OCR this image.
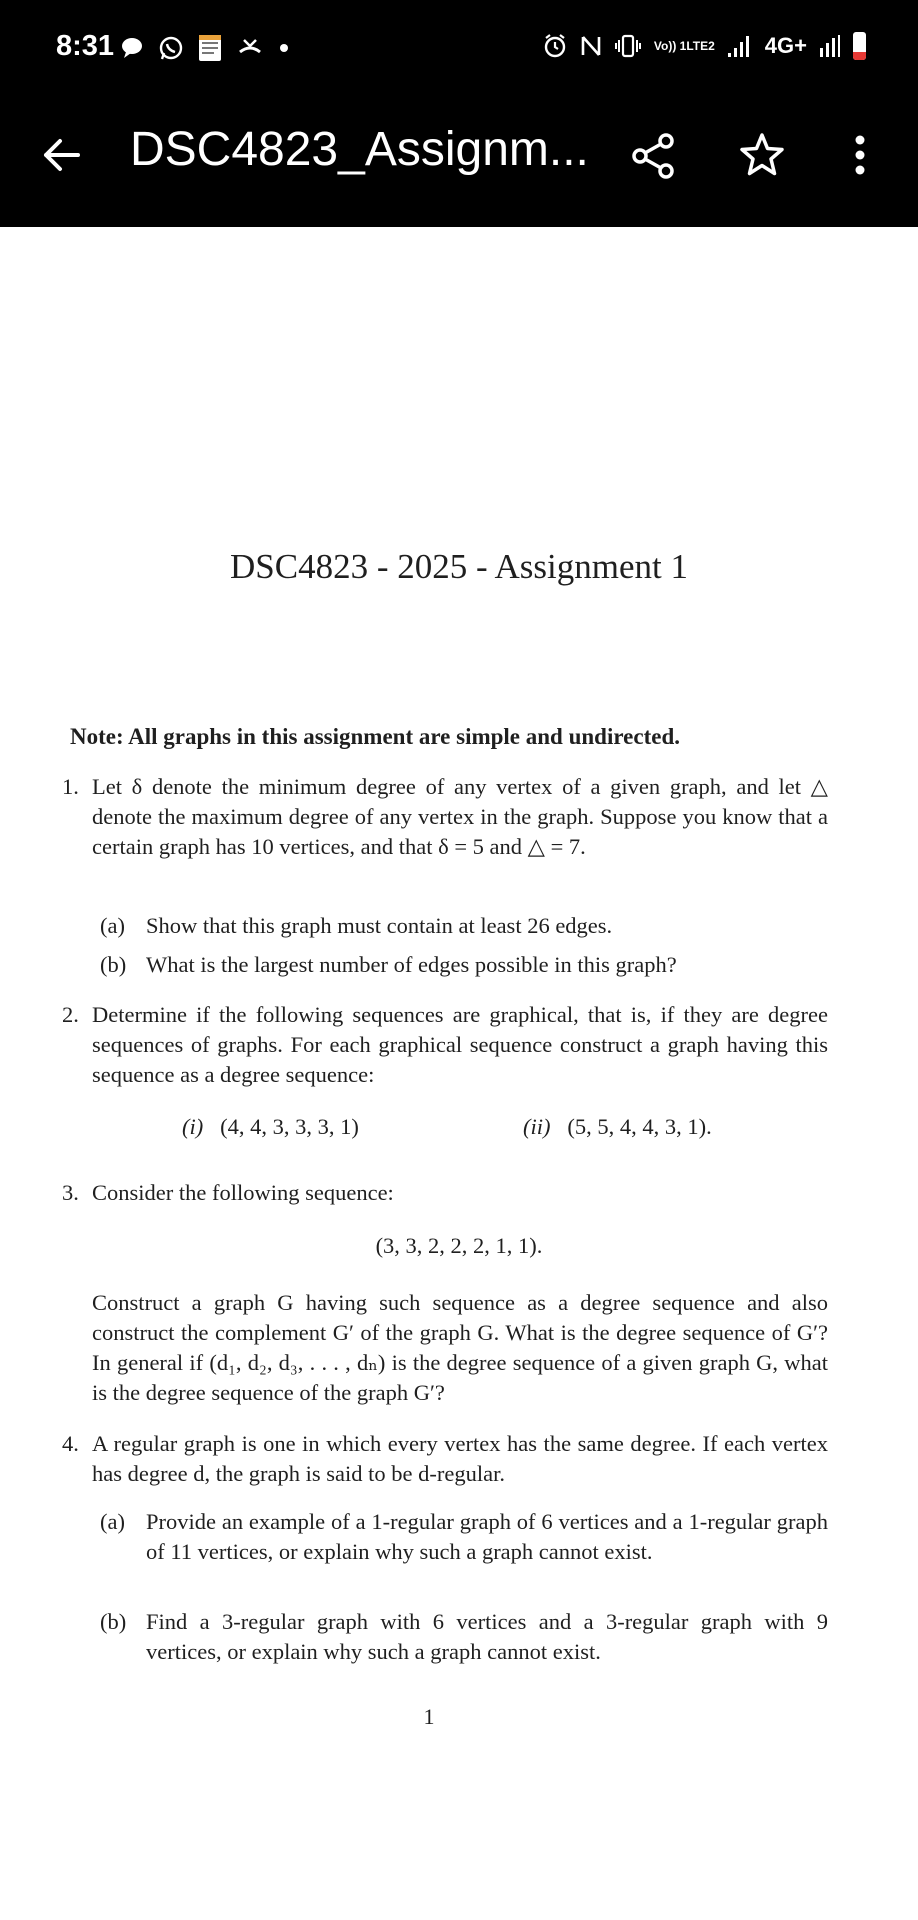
8:31	Vo)) 1 LTE2 4G+
DSC4823_Assignm...
DSC4823 - 2025 - Assignment 1
Note: All graphs in this assignment are simple and undirected.
1. Let δ denote the minimum degree of any vertex of a given graph, and let △ denote the maximum degree of any vertex in the graph. Suppose you know that a certain graph has 10 vertices, and that δ = 5 and △ = 7.
(a) Show that this graph must contain at least 26 edges.
(b) What is the largest number of edges possible in this graph?
2. Determine if the following sequences are graphical, that is, if they are degree sequences of graphs. For each graphical sequence construct a graph having this sequence as a degree sequence:
(i) (4, 4, 3, 3, 3, 1)	(ii) (5, 5, 4, 4, 3, 1).
3. Consider the following sequence:
(3, 3, 2, 2, 2, 1, 1).
Construct a graph G having such sequence as a degree sequence and also construct the complement G′ of the graph G. What is the degree sequence of G′? In general if (d₁, d₂, d₃, . . . , dₙ) is the degree sequence of a given graph G, what is the degree sequence of the graph G′?
4. A regular graph is one in which every vertex has the same degree. If each vertex has degree d, the graph is said to be d-regular.
(a) Provide an example of a 1-regular graph of 6 vertices and a 1-regular graph of 11 vertices, or explain why such a graph cannot exist.
(b) Find a 3-regular graph with 6 vertices and a 3-regular graph with 9 vertices, or explain why such a graph cannot exist.
1
